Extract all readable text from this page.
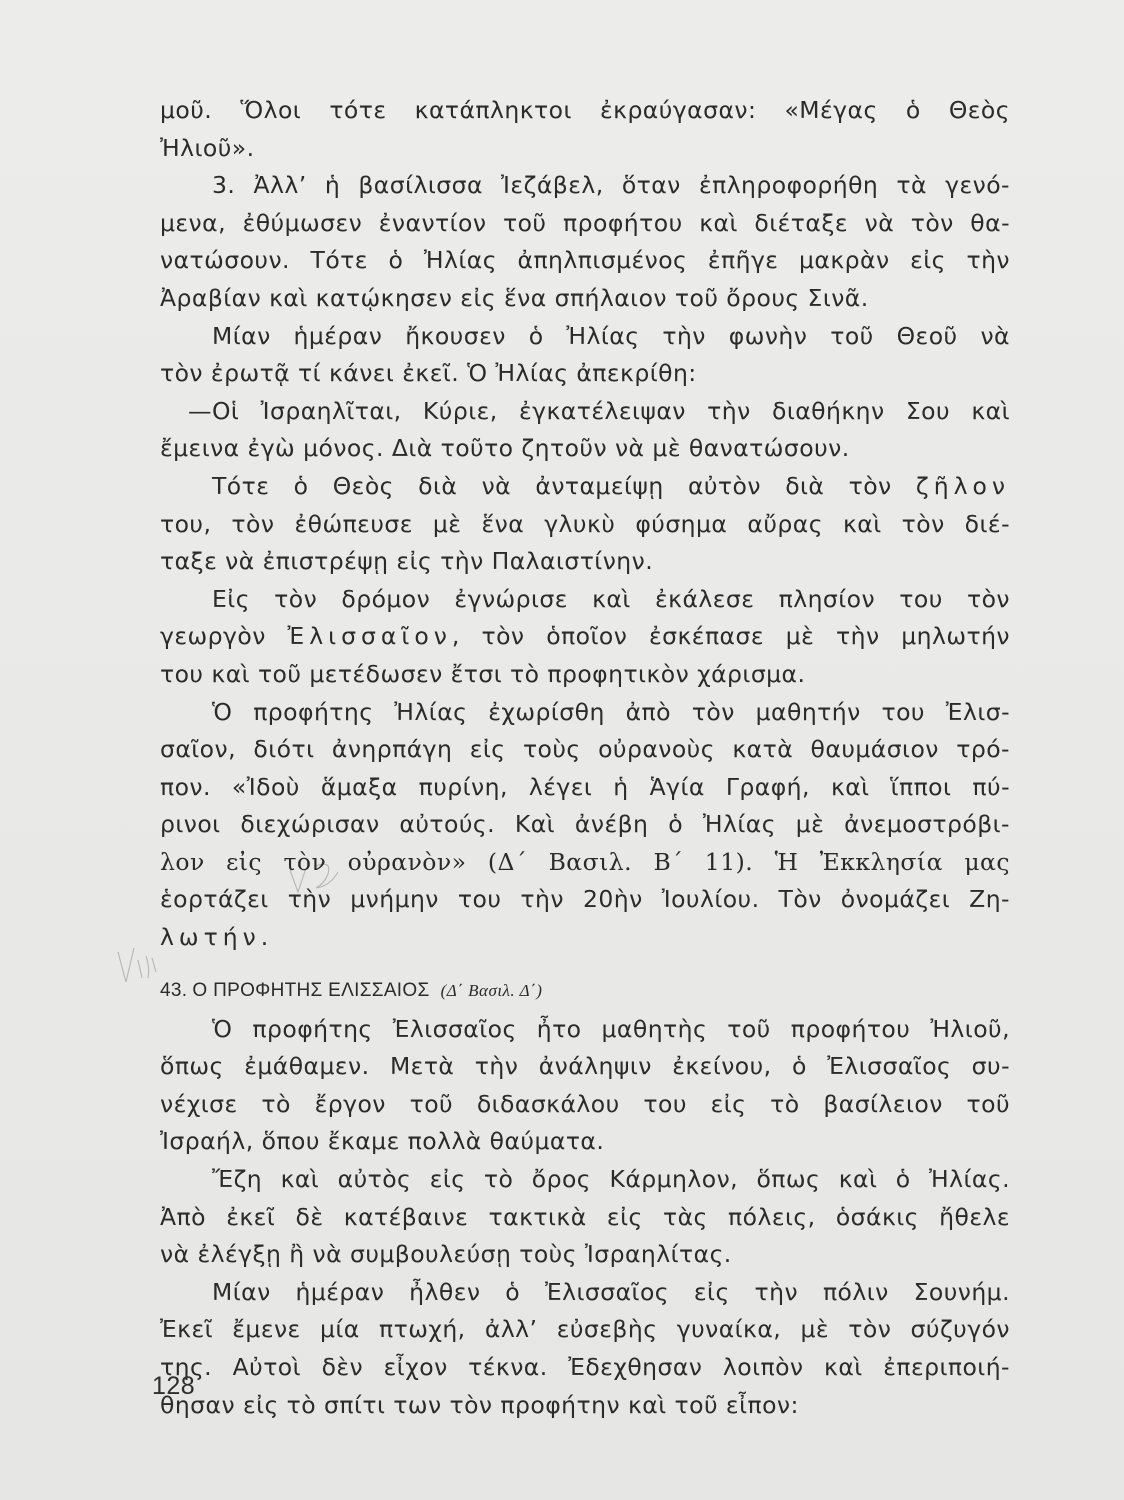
μοῦ. Ὅλοι τότε κατάπληκτοι ἐκραύγασαν: «Μέγας ὁ Θεὸς
Ἠλιοῦ».
3. Ἀλλ’ ἡ βασίλισσα Ἰεζάβελ, ὅταν ἐπληροφορήθη τὰ γενό-
μενα, ἐθύμωσεν ἐναντίον τοῦ προφήτου καὶ διέταξε νὰ τὸν θα-
νατώσουν. Τότε ὁ Ἠλίας ἀπηλπισμένος ἐπῆγε μακρὰν εἰς τὴν
Ἀραβίαν καὶ κατῴκησεν εἰς ἕνα σπήλαιον τοῦ ὄρους Σινᾶ.
Μίαν ἡμέραν ἤκουσεν ὁ Ἠλίας τὴν φωνὴν τοῦ Θεοῦ νὰ
τὸν ἐρωτᾷ τί κάνει ἐκεῖ. Ὁ Ἠλίας ἀπεκρίθη:
—Οἱ Ἰσραηλῖται, Κύριε, ἐγκατέλειψαν τὴν διαθήκην Σου καὶ
ἔμεινα ἐγὼ μόνος. Διὰ τοῦτο ζητοῦν νὰ μὲ θανατώσουν.
Τότε ὁ Θεὸς διὰ νὰ ἀνταμείψῃ αὐτὸν διὰ τὸν ζῆλον
του, τὸν ἐθώπευσε μὲ ἕνα γλυκὺ φύσημα αὔρας καὶ τὸν διέ-
ταξε νὰ ἐπιστρέψῃ εἰς τὴν Παλαιστίνην.
Εἰς τὸν δρόμον ἐγνώρισε καὶ ἐκάλεσε πλησίον του τὸν
γεωργὸν Ἐλισσαῖον, τὸν ὁποῖον ἐσκέπασε μὲ τὴν μηλωτήν
του καὶ τοῦ μετέδωσεν ἔτσι τὸ προφητικὸν χάρισμα.
Ὁ προφήτης Ἠλίας ἐχωρίσθη ἀπὸ τὸν μαθητήν του Ἐλισ-
σαῖον, διότι ἀνηρπάγη εἰς τοὺς οὐρανοὺς κατὰ θαυμάσιον τρό-
πον. «Ἰδοὺ ἅμαξα πυρίνη, λέγει ἡ Ἁγία Γραφή, καὶ ἵπποι πύ-
ρινοι διεχώρισαν αὐτούς. Καὶ ἀνέβη ὁ Ἠλίας μὲ ἀνεμοστρόβι-
λον εἰς τὸν οὐρανὸν» (Δ΄ Βασιλ. Β΄ 11). Ἡ Ἐκκλησία μας
ἑορτάζει τὴν μνήμην του τὴν 20ὴν Ἰουλίου. Τὸν ὀνομάζει Ζη-
λωτήν.
43. Ο ΠΡΟΦΗΤΗΣ ΕΛΙΣΣΑΙΟΣ (Δ΄ Βασιλ. Δ΄)
Ὁ προφήτης Ἐλισσαῖος ἦτο μαθητὴς τοῦ προφήτου Ἠλιοῦ,
ὅπως ἐμάθαμεν. Μετὰ τὴν ἀνάληψιν ἐκείνου, ὁ Ἐλισσαῖος συ-
νέχισε τὸ ἔργον τοῦ διδασκάλου του εἰς τὸ βασίλειον τοῦ
Ἰσραήλ, ὅπου ἔκαμε πολλὰ θαύματα.
Ἔζη καὶ αὐτὸς εἰς τὸ ὄρος Κάρμηλον, ὅπως καὶ ὁ Ἠλίας.
Ἀπὸ ἐκεῖ δὲ κατέβαινε τακτικὰ εἰς τὰς πόλεις, ὁσάκις ἤθελε
νὰ ἐλέγξῃ ἢ νὰ συμβουλεύσῃ τοὺς Ἰσραηλίτας.
Μίαν ἡμέραν ἦλθεν ὁ Ἐλισσαῖος εἰς τὴν πόλιν Σουνήμ.
Ἐκεῖ ἔμενε μία πτωχή, ἀλλ’ εὐσεβὴς γυναίκα, μὲ τὸν σύζυγόν
της. Αὐτοὶ δὲν εἶχον τέκνα. Ἐδεχθησαν λοιπὸν καὶ ἐπεριποιή-
θησαν εἰς τὸ σπίτι των τὸν προφήτην καὶ τοῦ εἶπον:
128
